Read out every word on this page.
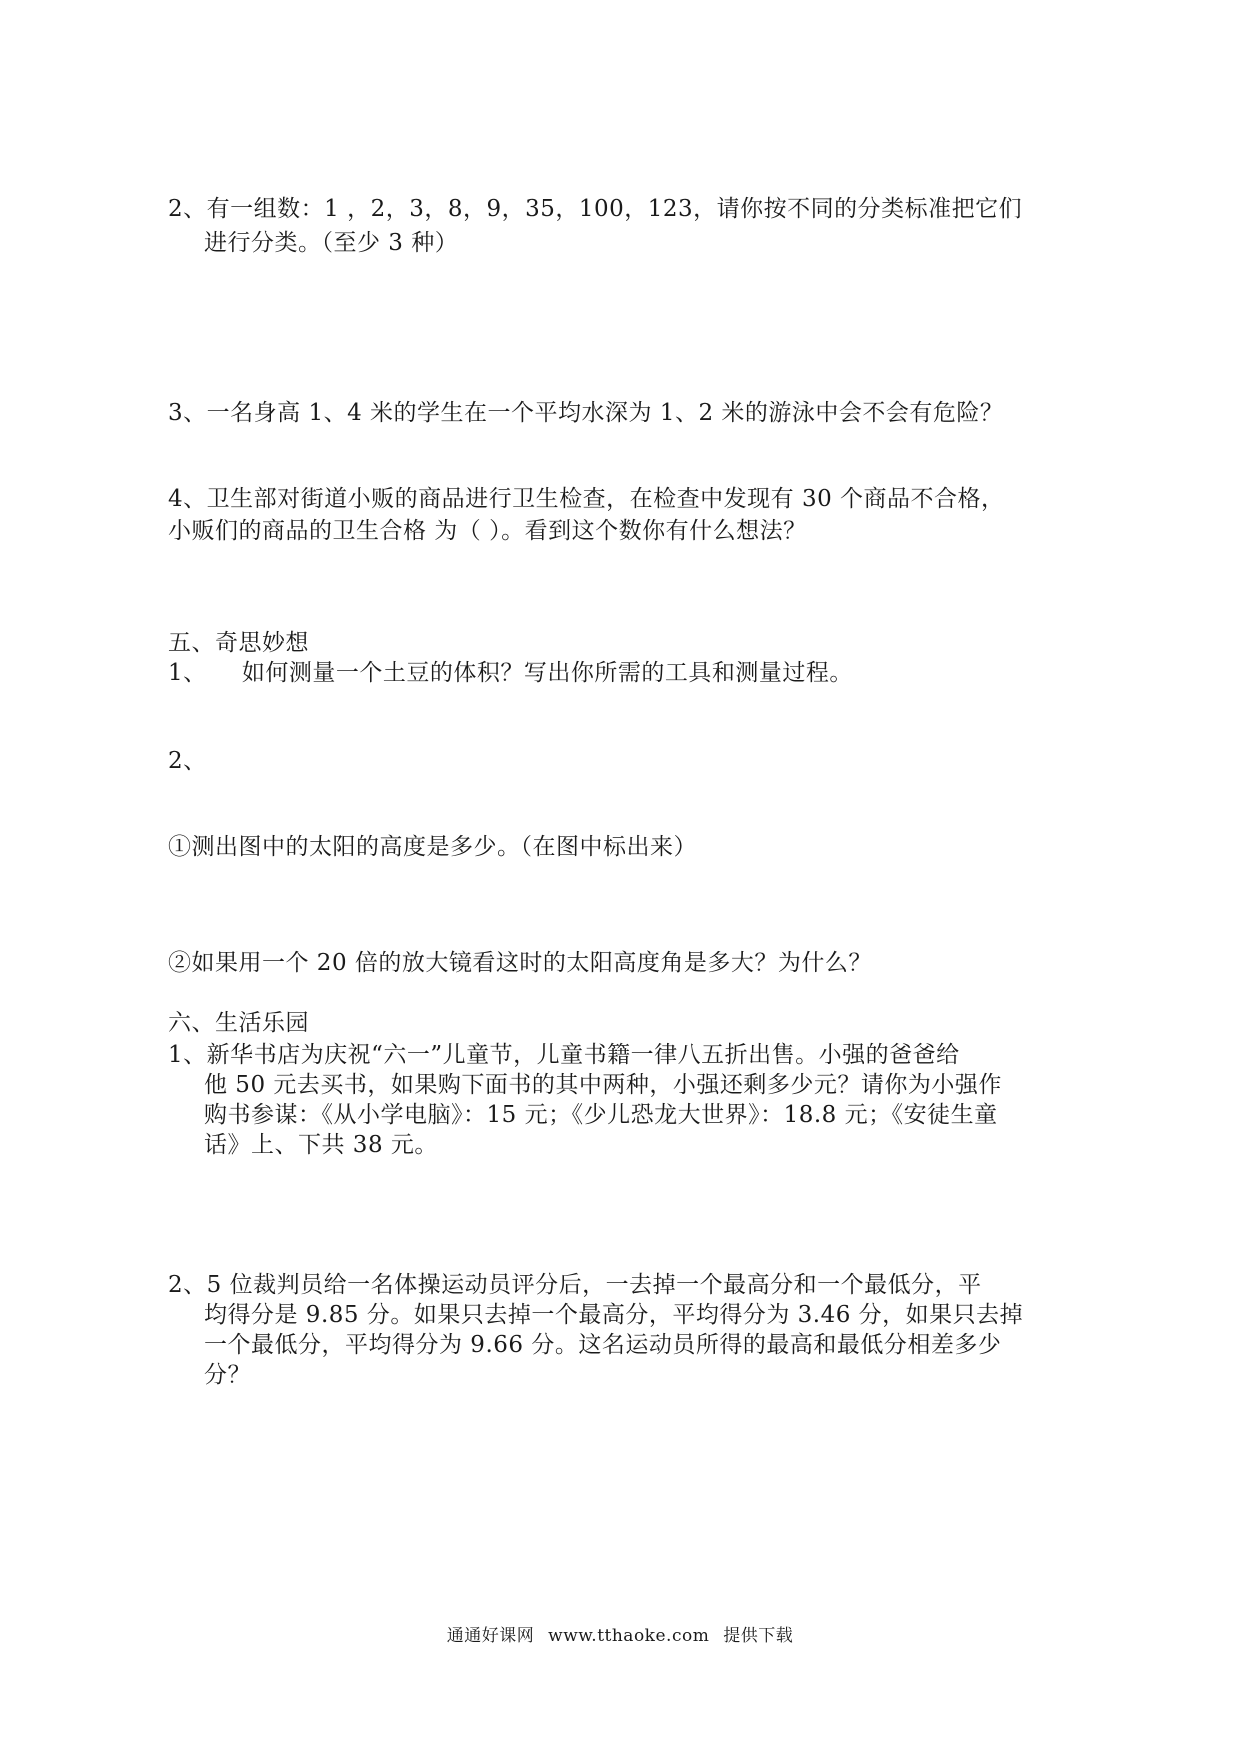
2、有一组数：1 ，2，3，8，9，35，100，123，请你按不同的分类标准把它们
进行分类。（至少 3 种）
3、一名身高 1、4 米的学生在一个平均水深为 1、2 米的游泳中会不会有危险？
4、卫生部对街道小贩的商品进行卫生检查，在检查中发现有 30 个商品不合格，
小贩们的商品的卫生合格 为（ ）。看到这个数你有什么想法？
五、奇思妙想
1、 如何测量一个土豆的体积？写出你所需的工具和测量过程。
2、
①测出图中的太阳的高度是多少。（在图中标出来）
②如果用一个 20 倍的放大镜看这时的太阳高度角是多大？为什么？
六、生活乐园
1、新华书店为庆祝“六一”儿童节，儿童书籍一律八五折出售。小强的爸爸给
他 50 元去买书，如果购下面书的其中两种，小强还剩多少元？请你为小强作
购书参谋：《从小学电脑》：15 元；《少儿恐龙大世界》：18.8 元；《安徒生童
话》上、下共 38 元。
2、5 位裁判员给一名体操运动员评分后，一去掉一个最高分和一个最低分，平
均得分是 9.85 分。如果只去掉一个最高分，平均得分为 3.46 分，如果只去掉
一个最低分，平均得分为 9.66 分。这名运动员所得的最高和最低分相差多少
分？
通通好课网 www.tthaoke.com 提供下载
